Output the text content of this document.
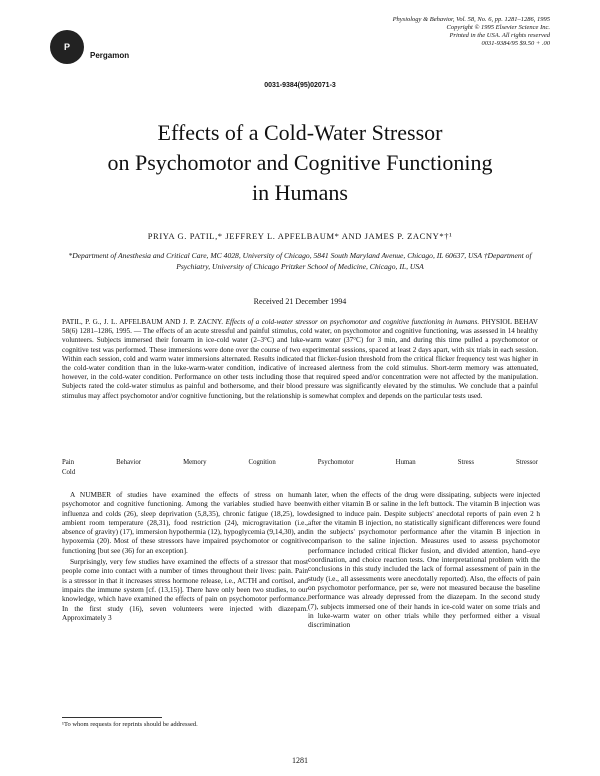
P
Pergamon
Physiology & Behavior, Vol. 58, No. 6, pp. 1281–1286, 1995
Copyright © 1995 Elsevier Science Inc.
Printed in the USA. All rights reserved
0031-9384/95 $9.50 + .00
0031-9384(95)02071-3
Effects of a Cold-Water Stressor
on Psychomotor and Cognitive Functioning
in Humans
PRIYA G. PATIL,* JEFFREY L. APFELBAUM* AND JAMES P. ZACNY*†¹
*Department of Anesthesia and Critical Care, MC 4028, University of Chicago, 5841 South Maryland Avenue, Chicago, IL 60637, USA †Department of Psychiatry, University of Chicago Pritzker School of Medicine, Chicago, IL, USA
Received 21 December 1994
PATIL, P. G., J. L. APFELBAUM AND J. P. ZACNY. Effects of a cold-water stressor on psychomotor and cognitive functioning in humans. PHYSIOL BEHAV 58(6) 1281–1286, 1995. — The effects of an acute stressful and painful stimulus, cold water, on psychomotor and cognitive functioning, was assessed in 14 healthy volunteers. Subjects immersed their forearm in ice-cold water (2–3°C) and luke-warm water (37°C) for 3 min, and during this time pulled a psychomotor or cognitive test was performed. These immersions were done over the course of two experimental sessions, spaced at least 2 days apart, with six trials in each session. Within each session, cold and warm water immersions alternated. Results indicated that flicker-fusion threshold from the critical flicker frequency test was higher in the cold-water condition than in the luke-warm-water condition, indicative of increased alertness from the cold stimulus. Short-term memory was attenuated, however, in the cold-water condition. Performance on other tests including those that required speed and/or concentration were not affected by the manipulation. Subjects rated the cold-water stimulus as painful and bothersome, and their blood pressure was significantly elevated by the stimulus. We conclude that a painful stimulus may affect psychomotor and/or cognitive functioning, but the relationship is somewhat complex and depends on the particular tests used.
Pain	Behavior	Memory	Cognition	Psychomotor	Human	Stress	Stressor
Cold

A NUMBER of studies have examined the effects of stress on human psychomotor and cognitive functioning. Among the variables studied have been influenza and colds (26), sleep deprivation (5,8,35), chronic fatigue (18,25), low ambient room temperature (28,31), food restriction (24), microgravitation (i.e., absence of gravity) (17), immersion hypothermia (12), hypoglycemia (9,14,30), and hypoxemia (20). Most of these stressors have impaired psychomotor or cognitive functioning [but see (36) for an exception].

Surprisingly, very few studies have examined the effects of a stressor that most people come into contact with a number of times throughout their lives: pain. Pain is a stressor in that it increases stress hormone release, i.e., ACTH and cortisol, and impairs the immune system [cf. (13,15)]. There have only been two studies, to our knowledge, which have examined the effects of pain on psychomotor performance. In the first study (16), seven volunteers were injected with diazepam. Approximately 3

h later, when the effects of the drug were dissipating, subjects were injected with either vitamin B or saline in the left buttock. The vitamin B injection was designed to induce pain. Despite subjects' anecdotal reports of pain even 2 h after the vitamin B injection, no statistically significant differences were found in the subjects' psychomotor performance after the vitamin B injection in comparison to the saline injection. Measures used to assess psychomotor performance included critical flicker fusion, and divided attention, hand–eye coordination, and choice reaction tests. One interpretational problem with the conclusions in this study included the lack of formal assessment of pain in the study (i.e., all assessments were anecdotally reported). Also, the effects of pain on psychomotor performance, per se, were not measured because the baseline performance was already depressed from the diazepam. In the second study (7), subjects immersed one of their hands in ice-cold water on some trials and in luke-warm water on other trials while they performed either a visual discrimination

¹To whom requests for reprints should be addressed.
1281
